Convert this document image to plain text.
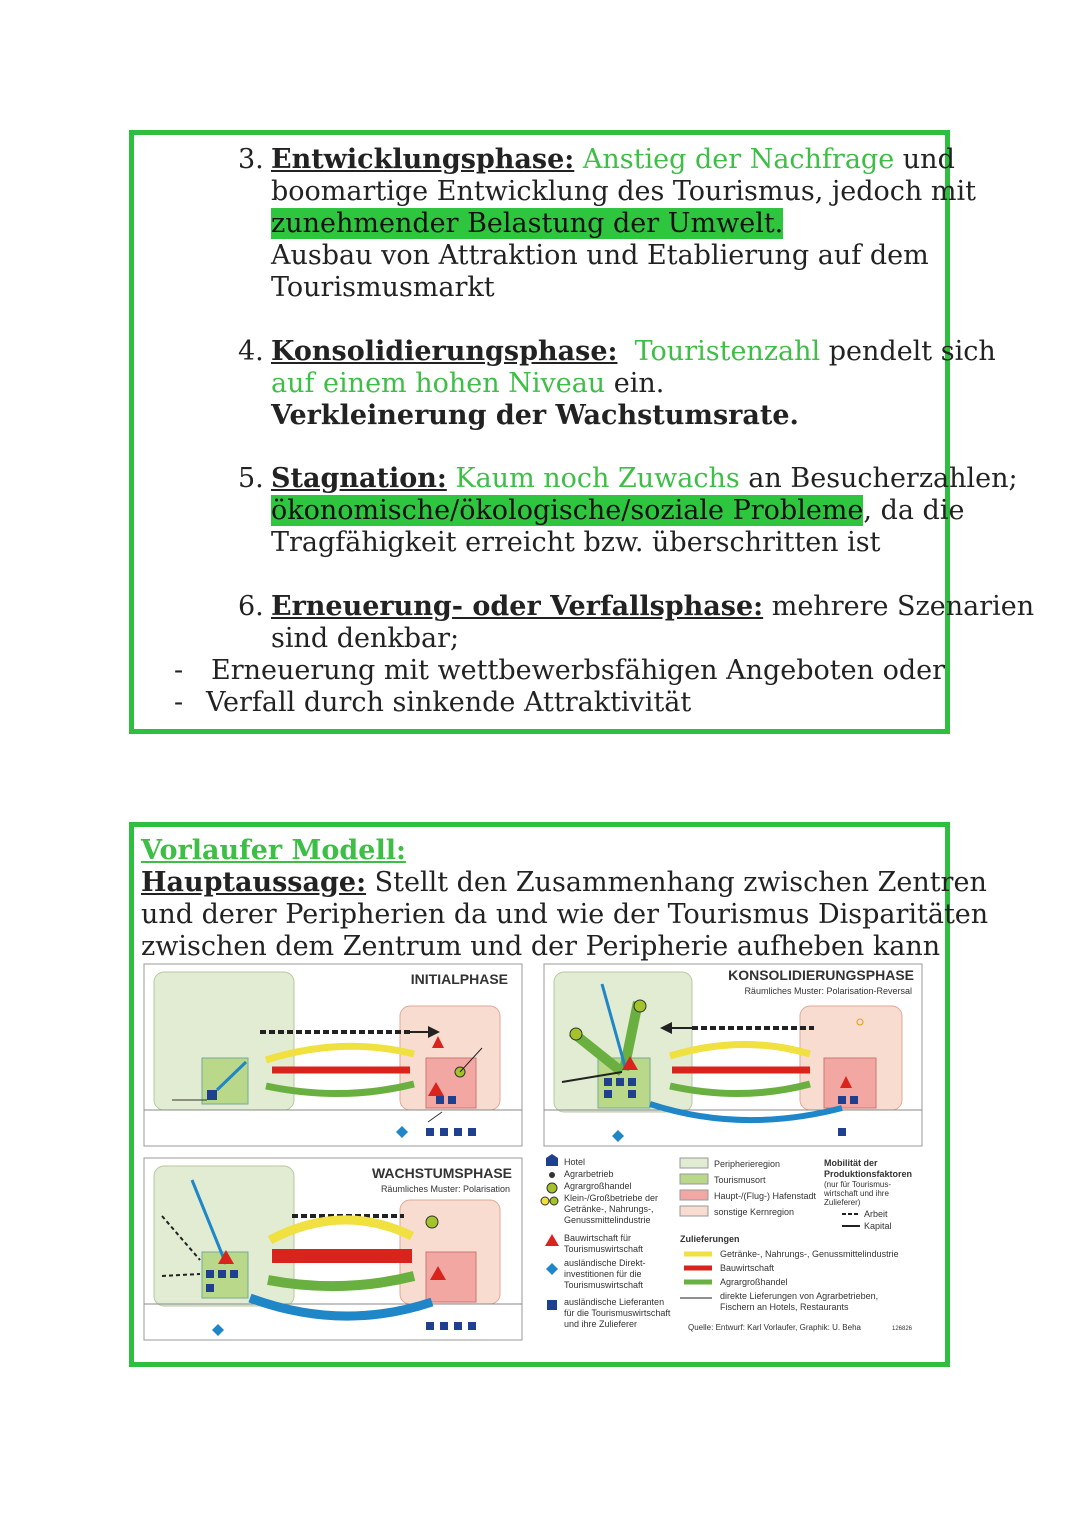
3. Entwicklungsphase: Anstieg der Nachfrage und
boomartige Entwicklung des Tourismus, jedoch mit
zunehmender Belastung der Umwelt.
Ausbau von Attraktion und Etablierung auf dem
Tourismusmarkt
4. Konsolidierungsphase: Touristenzahl pendelt sich
auf einem hohen Niveau ein.
Verkleinerung der Wachstumsrate.
5. Stagnation: Kaum noch Zuwachs an Besucherzahlen;
ökonomische/ökologische/soziale Probleme, da die
Tragfähigkeit erreicht bzw. überschritten ist
6. Erneuerung- oder Verfallsphase: mehrere Szenarien
sind denkbar;
- Erneuerung mit wettbewerbsfähigen Angeboten oder
- Verfall durch sinkende Attraktivität
Vorlaufer Modell:
Hauptaussage: Stellt den Zusammenhang zwischen Zentren
und derer Peripherien da und wie der Tourismus Disparitäten
zwischen dem Zentrum und der Peripherie aufheben kann
INITIALPHASE	KONSOLIDIERUNGSPHASE
Räumliches Muster: Polarisation-Reversal
WACHSTUMSPHASE
Räumliches Muster: Polarisation
Hotel
Agrarbetrieb
Agrargroßhandel
Klein-/Großbetriebe der
Getränke-, Nahrungs-,
Genussmittelindustrie
Bauwirtschaft für
Tourismuswirtschaft
ausländische Direkt-
investitionen für die
Tourismuswirtschaft
ausländische Lieferanten
für die Tourismuswirtschaft
und ihre Zulieferer
Peripherieregion
Tourismusort
Haupt-/(Flug-) Hafenstadt
sonstige Kernregion
Mobilität der
Produktionsfaktoren
(nur für Tourismus-
wirtschaft und ihre
Zulieferer)
Arbeit
Kapital
Zulieferungen
Getränke-, Nahrungs-, Genussmittelindustrie
Bauwirtschaft
Agrargroßhandel
direkte Lieferungen von Agrarbetrieben,
Fischern an Hotels, Restaurants
Quelle: Entwurf: Karl Vorlaufer, Graphik: U. Beha	126826
